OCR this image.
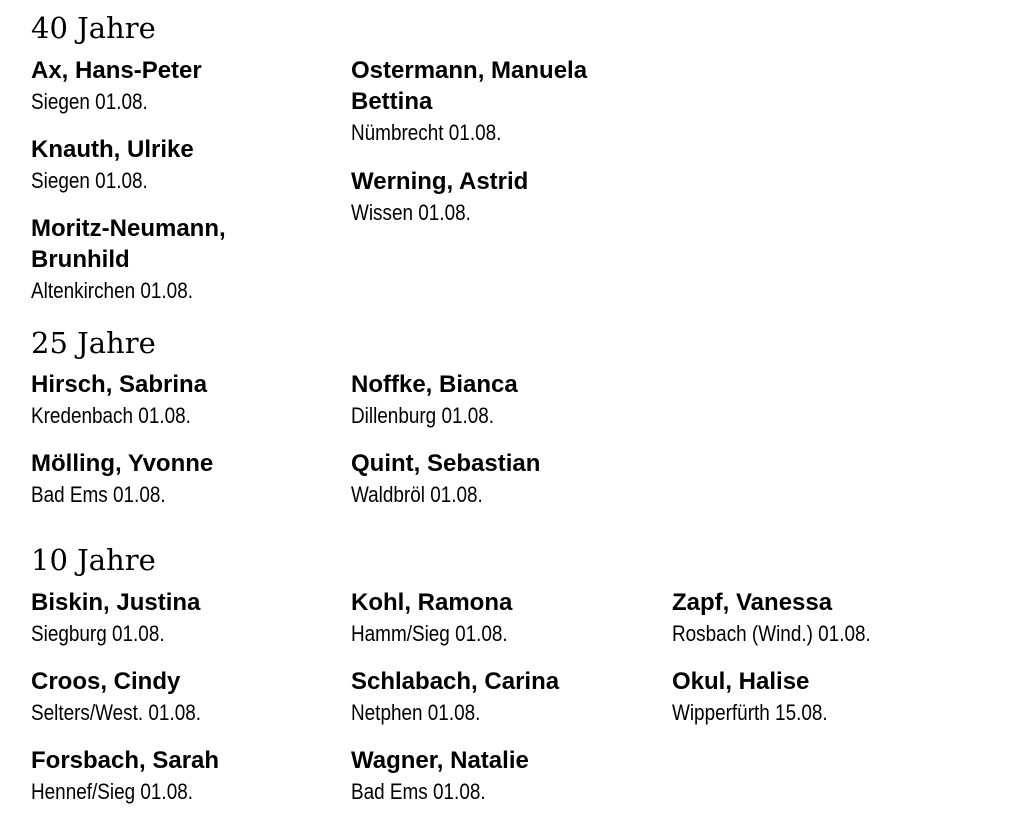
40 Jahre

Ax, Hans-Peter

Siegen 01.08.

Knauth, Ulrike

Siegen 01.08.

Moritz-Neumann, Brunhild

Altenkirchen 01.08.

Ostermann, Manuela Bettina

Nümbrecht 01.08.

Werning, Astrid

Wissen 01.08.

25 Jahre

Hirsch, Sabrina

Kredenbach 01.08.

Mölling, Yvonne

Bad Ems 01.08.

Noffke, Bianca

Dillenburg 01.08.

Quint, Sebastian

Waldbröl 01.08.

10 Jahre

Biskin, Justina

Siegburg 01.08.

Croos, Cindy

Selters/West. 01.08.

Forsbach, Sarah

Hennef/Sieg 01.08.

Kohl, Ramona

Hamm/Sieg 01.08.

Schlabach, Carina

Netphen 01.08.

Wagner, Natalie

Bad Ems 01.08.

Zapf, Vanessa

Rosbach (Wind.) 01.08.

Okul, Halise

Wipperfürth 15.08.
